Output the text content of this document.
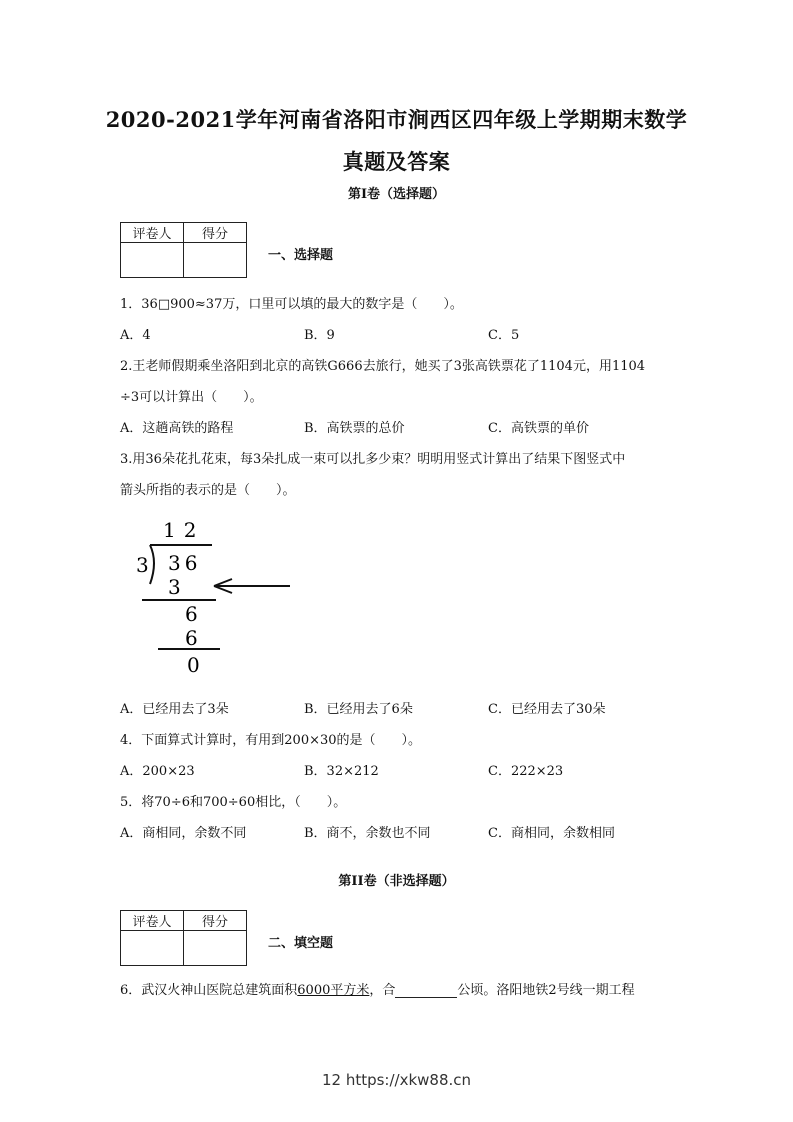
2020-2021学年河南省洛阳市涧西区四年级上学期期末数学
真题及答案
第I卷（选择题）
评卷人	得分

一、选择题
1．36□900≈37万，口里可以填的最大的数字是（　　）。
A．4	B．9	C．5
2.王老师假期乘坐洛阳到北京的高铁G666去旅行，她买了3张高铁票花了1104元，用1104
÷3可以计算出（　　）。
A．这趟高铁的路程	B．高铁票的总价	C．高铁票的单价
3.用36朵花扎花束，每3朵扎成一束可以扎多少束？明明用竖式计算出了结果下图竖式中
箭头所指的表示的是（　　）。
12
3 36
3
6
6
0
A．已经用去了3朵	B．已经用去了6朵	C．已经用去了30朵
4．下面算式计算时，有用到200×30的是（　　）。
A．200×23	B．32×212	C．222×23
5．将70÷6和700÷60相比，（　　）。
A．商相同，余数不同	B．商不，余数也不同	C．商相同，余数相同
第II卷（非选择题）
评卷人	得分

二、填空题
6．武汉火神山医院总建筑面积6000平方米，合	公顷。洛阳地铁2号线一期工程
12 https://xkw88.cn
